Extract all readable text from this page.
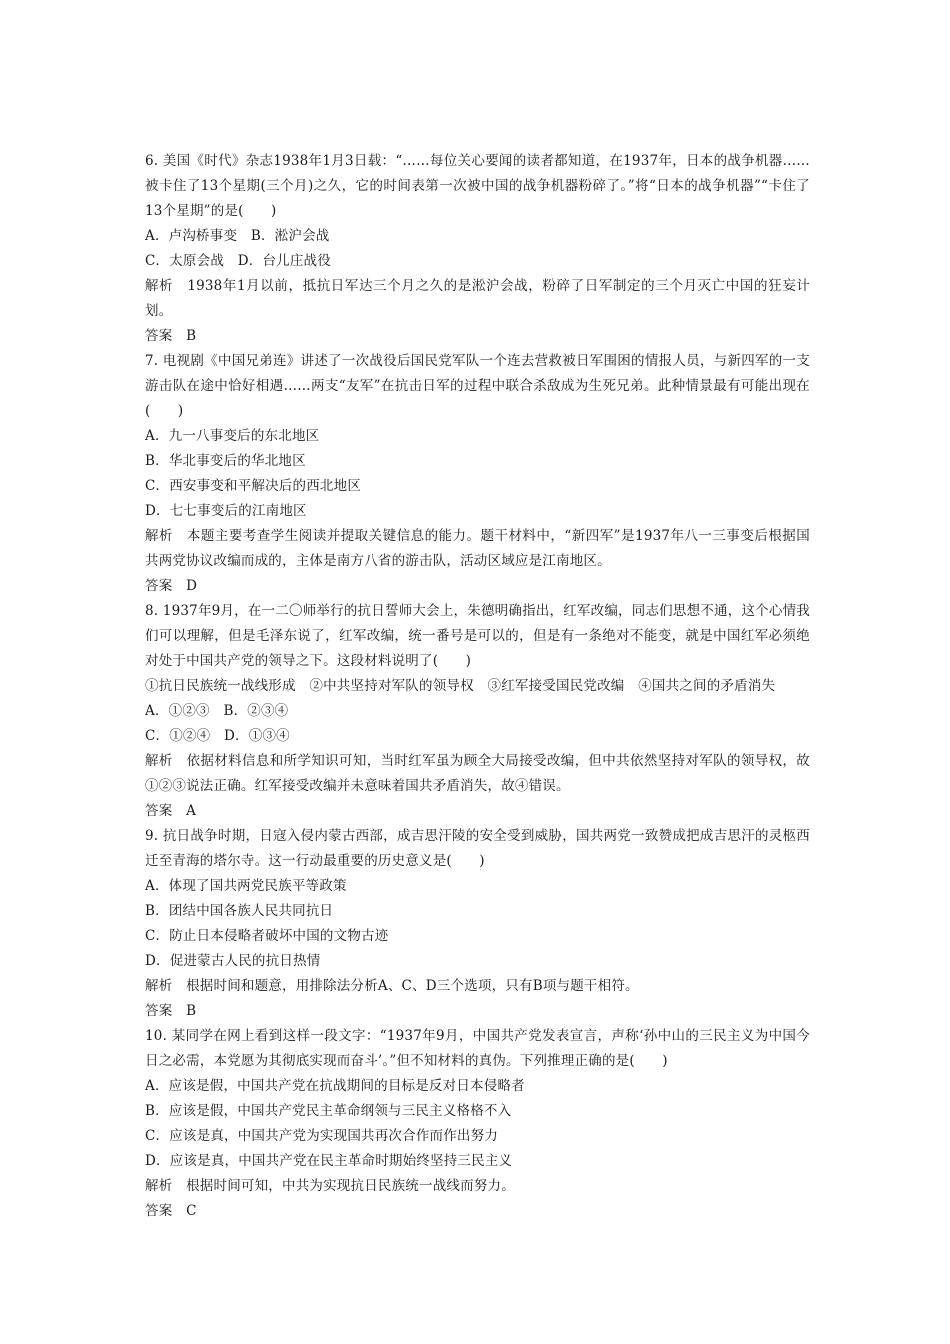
6. 美国《时代》杂志1938年1月3日载：“……每位关心要闻的读者都知道，在1937年，日本的战争机器……被卡住了13个星期(三个月)之久，它的时间表第一次被中国的战争机器粉碎了。”将“日本的战争机器”“卡住了13个星期”的是(　　)
A．卢沟桥事变　B．淞沪会战
C．太原会战　D．台儿庄战役
解析　1938年1月以前，抵抗日军达三个月之久的是淞沪会战，粉碎了日军制定的三个月灭亡中国的狂妄计划。
答案　B
7. 电视剧《中国兄弟连》讲述了一次战役后国民党军队一个连去营救被日军围困的情报人员，与新四军的一支游击队在途中恰好相遇……两支“友军”在抗击日军的过程中联合杀敌成为生死兄弟。此种情景最有可能出现在(　　)
A．九一八事变后的东北地区
B．华北事变后的华北地区
C．西安事变和平解决后的西北地区
D．七七事变后的江南地区
解析　本题主要考查学生阅读并提取关键信息的能力。题干材料中，“新四军”是1937年八一三事变后根据国共两党协议改编而成的，主体是南方八省的游击队，活动区域应是江南地区。
答案　D
8. 1937年9月，在一二〇师举行的抗日誓师大会上，朱德明确指出，红军改编，同志们思想不通，这个心情我们可以理解，但是毛泽东说了，红军改编，统一番号是可以的，但是有一条绝对不能变，就是中国红军必须绝对处于中国共产党的领导之下。这段材料说明了(　　)
①抗日民族统一战线形成　②中共坚持对军队的领导权　③红军接受国民党改编　④国共之间的矛盾消失
A．①②③　B．②③④
C．①②④　D．①③④
解析　依据材料信息和所学知识可知，当时红军虽为顾全大局接受改编，但中共依然坚持对军队的领导权，故①②③说法正确。红军接受改编并未意味着国共矛盾消失，故④错误。
答案　A
9. 抗日战争时期，日寇入侵内蒙古西部，成吉思汗陵的安全受到威胁，国共两党一致赞成把成吉思汗的灵柩西迁至青海的塔尔寺。这一行动最重要的历史意义是(　　)
A．体现了国共两党民族平等政策
B．团结中国各族人民共同抗日
C．防止日本侵略者破坏中国的文物古迹
D．促进蒙古人民的抗日热情
解析　根据时间和题意，用排除法分析A、C、D三个选项，只有B项与题干相符。
答案　B
10. 某同学在网上看到这样一段文字：“1937年9月，中国共产党发表宣言，声称‘孙中山的三民主义为中国今日之必需，本党愿为其彻底实现而奋斗’。”但不知材料的真伪。下列推理正确的是(　　)
A．应该是假，中国共产党在抗战期间的目标是反对日本侵略者
B．应该是假，中国共产党民主革命纲领与三民主义格格不入
C．应该是真，中国共产党为实现国共再次合作而作出努力
D．应该是真，中国共产党在民主革命时期始终坚持三民主义
解析　根据时间可知，中共为实现抗日民族统一战线而努力。
答案　C
